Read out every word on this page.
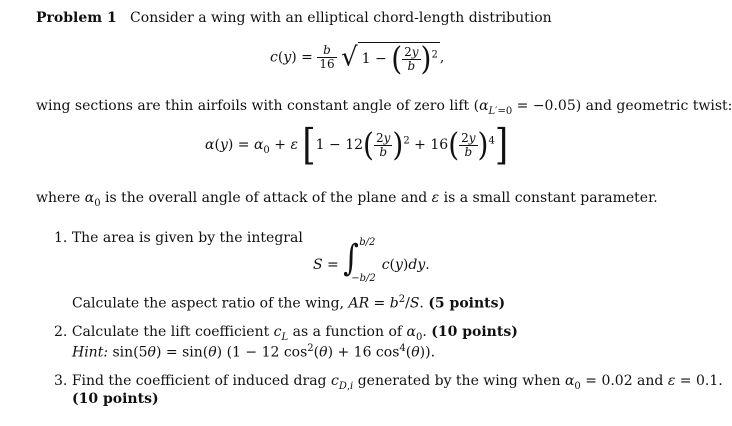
Problem 1 Consider a wing with an elliptical chord-length distribution
$c(y) = \frac{b}{16}$ √ 1 − ( $\frac{2y}{b} )^2$ ,
wing sections are thin airfoils with constant angle of zero lift $(\alpha_{L'=0} = -0.05)$ and geometric twist:
$\alpha(y) = \alpha_0 + \varepsilon$ $[1 - 12( \frac{2y}{b} )^2 + 16( \frac{2y}{b} )^4]$
where $\alpha_0$ is the overall angle of attack of the plane and ε is a small constant parameter.
1. The area is given by the integral
S = ∫ b/2
−b/2
c(y)dy.
Calculate the aspect ratio of the wing, AR = $b^2/S$. (5 points)
2. Calculate the lift coefficient $c_L$ as a function of $\alpha_0$. (10 points)
Hint: sin(5θ) = sin(θ) (1 − 12 $\cos^2(\theta) + 16$ $\cos^4(\theta)$).
3. Find the coefficient of induced drag $c_{D,i}$ generated by the wing when $\alpha_0 = 0.02$ and ε = 0.1.
(10 points)
